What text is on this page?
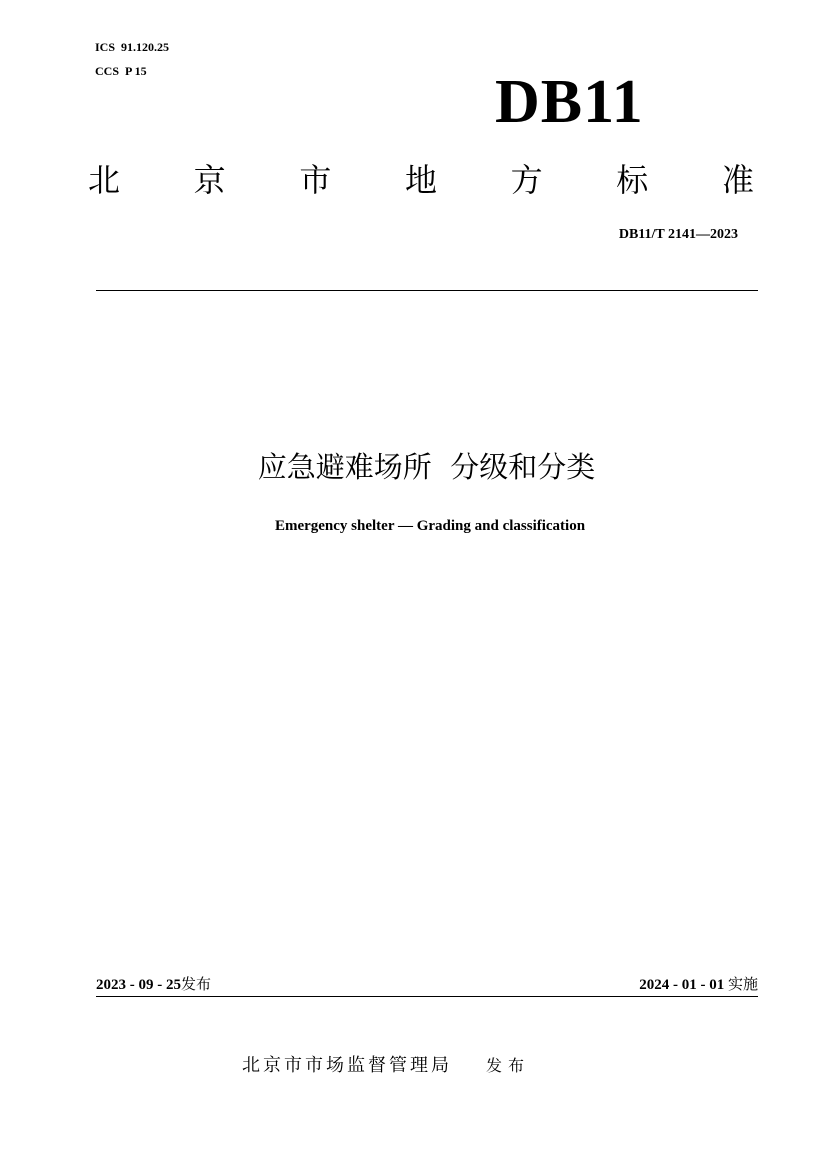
ICS 91.120.25
CCS P 15	DB11
北 京 市 地 方 标 准
DB11/T 2141—2023
应急避难场所  分级和分类
Emergency shelter — Grading and classification
2023 - 09 - 25发布	2024 - 01 - 01 实施
北京市市场监督管理局 发布
